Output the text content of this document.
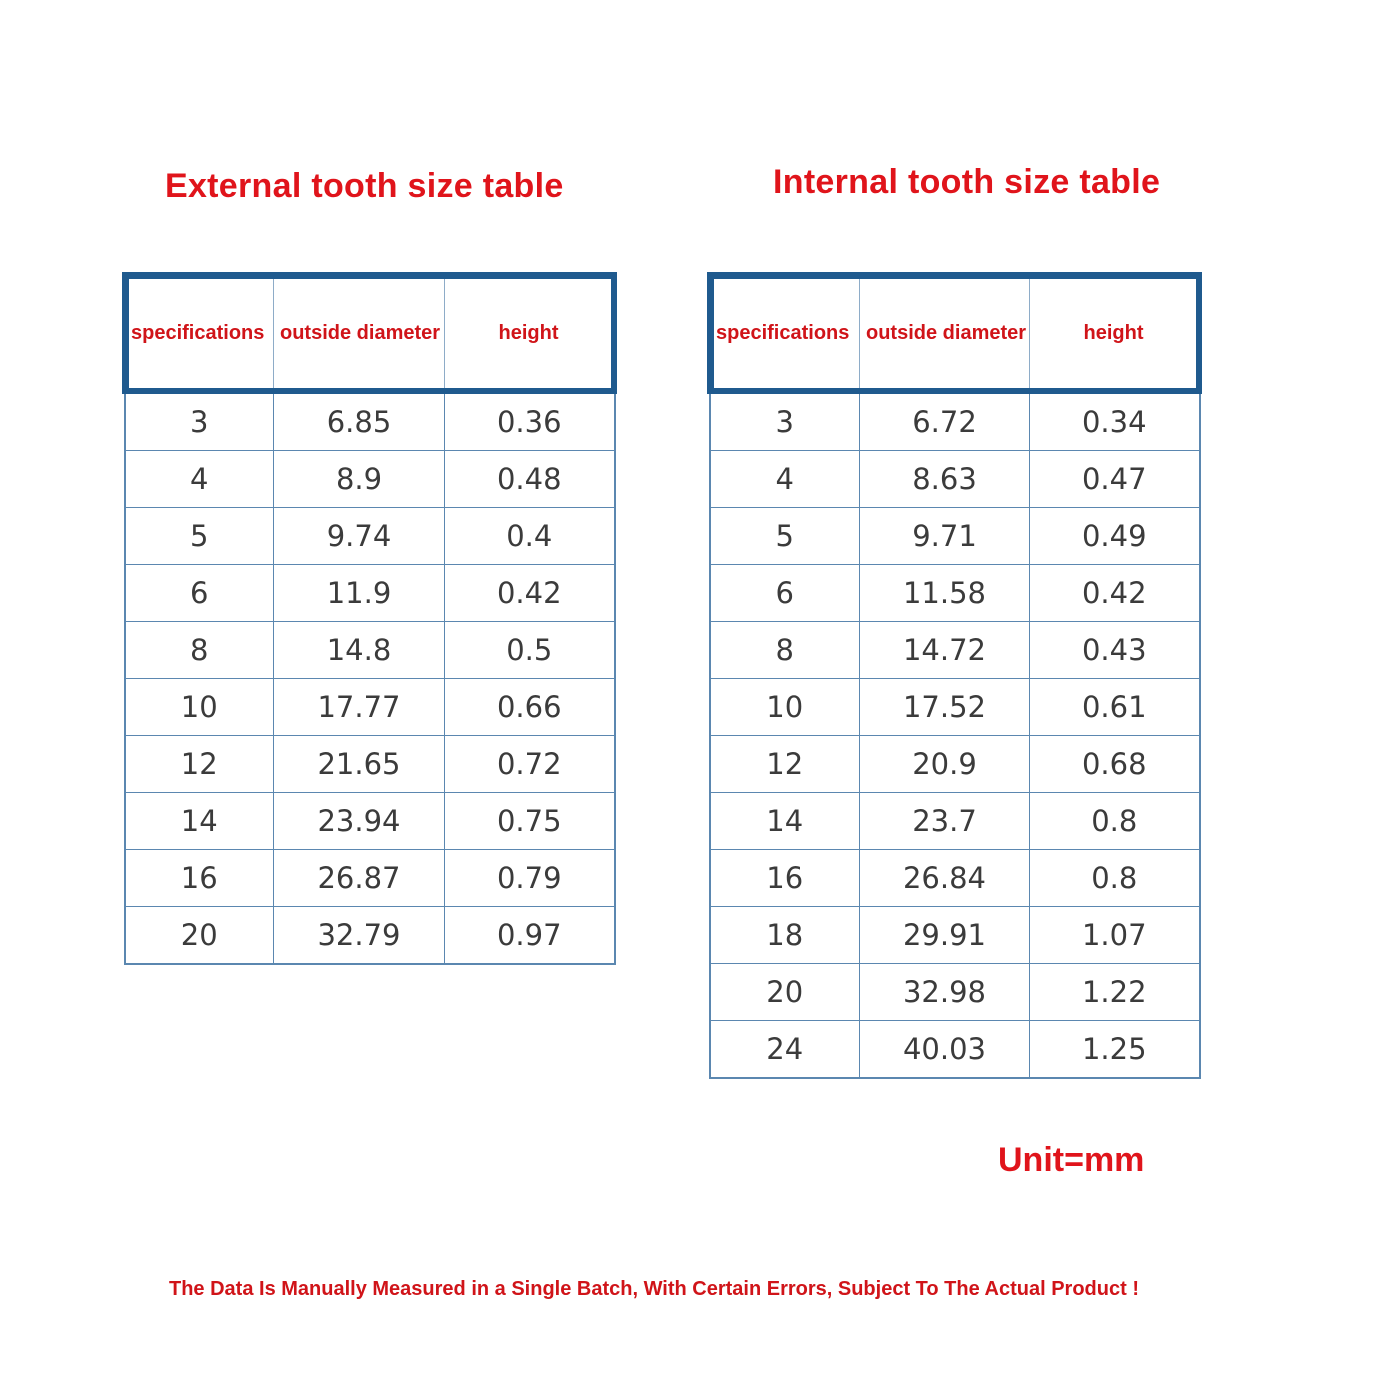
External tooth size table	Internal tooth size table
specifications	outside diameter	height
3	6.85	0.36
4	8.9	0.48
5	9.74	0.4
6	11.9	0.42
8	14.8	0.5
10	17.77	0.66
12	21.65	0.72
14	23.94	0.75
16	26.87	0.79
20	32.79	0.97
specifications	outside diameter	height
3	6.72	0.34
4	8.63	0.47
5	9.71	0.49
6	11.58	0.42
8	14.72	0.43
10	17.52	0.61
12	20.9	0.68
14	23.7	0.8
16	26.84	0.8
18	29.91	1.07
20	32.98	1.22
24	40.03	1.25
Unit=mm
The Data Is Manually Measured in a Single Batch, With Certain Errors, Subject To The Actual Product !
